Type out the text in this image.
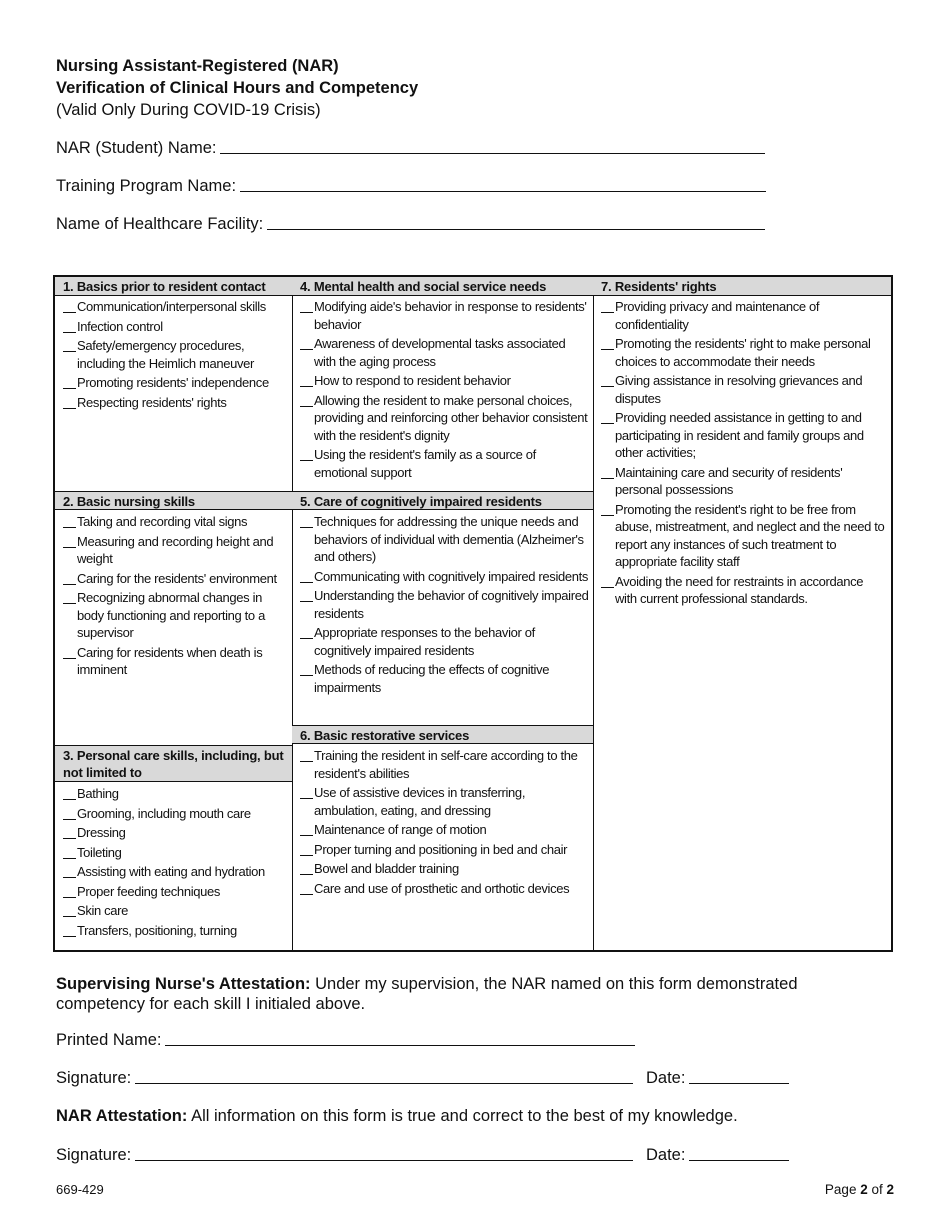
Nursing Assistant-Registered (NAR)
Verification of Clinical Hours and Competency
(Valid Only During COVID-19 Crisis)
NAR (Student) Name:
Training Program Name:
Name of Healthcare Facility:
1. Basics prior to resident contact
Communication/interpersonal skills
Infection control
Safety/emergency procedures, including the Heimlich maneuver
Promoting residents' independence
Respecting residents' rights
2. Basic nursing skills
Taking and recording vital signs
Measuring and recording height and weight
Caring for the residents' environment
Recognizing abnormal changes in body functioning and reporting to a supervisor
Caring for residents when death is imminent
3. Personal care skills, including, but not limited to
Bathing
Grooming, including mouth care
Dressing
Toileting
Assisting with eating and hydration
Proper feeding techniques
Skin care
Transfers, positioning, turning
4. Mental health and social service needs
Modifying aide's behavior in response to residents' behavior
Awareness of developmental tasks associated with the aging process
How to respond to resident behavior
Allowing the resident to make personal choices, providing and reinforcing other behavior consistent with the resident's dignity
Using the resident's family as a source of emotional support
5. Care of cognitively impaired residents
Techniques for addressing the unique needs and behaviors of individual with dementia (Alzheimer's and others)
Communicating with cognitively impaired residents
Understanding the behavior of cognitively impaired residents
Appropriate responses to the behavior of cognitively impaired residents
Methods of reducing the effects of cognitive impairments
6. Basic restorative services
Training the resident in self-care according to the resident's abilities
Use of assistive devices in transferring, ambulation, eating, and dressing
Maintenance of range of motion
Proper turning and positioning in bed and chair
Bowel and bladder training
Care and use of prosthetic and orthotic devices
7. Residents' rights
Providing privacy and maintenance of confidentiality
Promoting the residents' right to make personal choices to accommodate their needs
Giving assistance in resolving grievances and disputes
Providing needed assistance in getting to and participating in resident and family groups and other activities;
Maintaining care and security of residents' personal possessions
Promoting the resident's right to be free from abuse, mistreatment, and neglect and the need to report any instances of such treatment to appropriate facility staff
Avoiding the need for restraints in accordance with current professional standards.
Supervising Nurse's Attestation: Under my supervision, the NAR named on this form demonstrated competency for each skill I initialed above.
Printed Name:
Signature:	Date:
NAR Attestation: All information on this form is true and correct to the best of my knowledge.
Signature:	Date:
669-429	Page 2 of 2
